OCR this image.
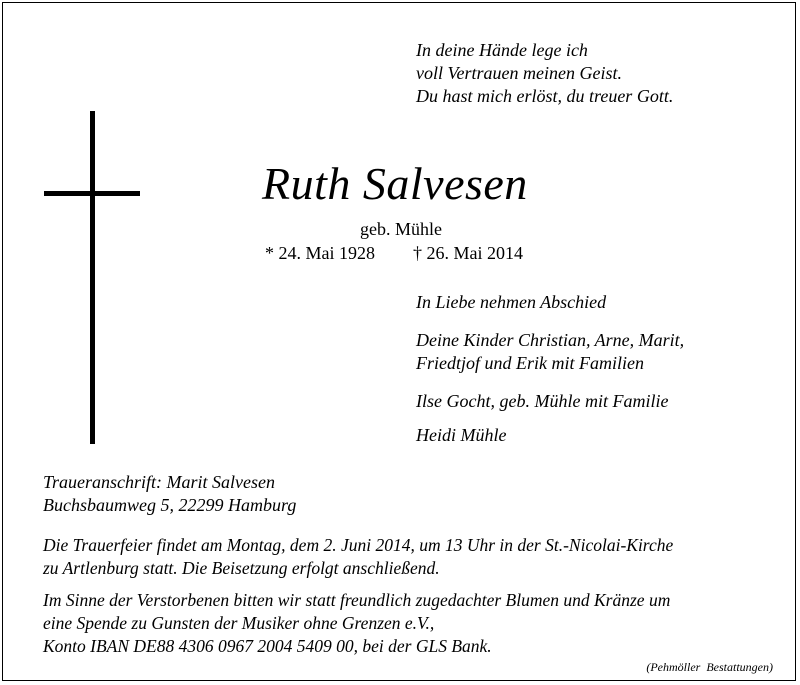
In deine Hände lege ich
voll Vertrauen meinen Geist.
Du hast mich erlöst, du treuer Gott.
Ruth Salvesen
geb. Mühle
* 24. Mai 1928 † 26. Mai 2014
In Liebe nehmen Abschied
Deine Kinder Christian, Arne, Marit,
Friedtjof und Erik mit Familien
Ilse Gocht, geb. Mühle mit Familie
Heidi Mühle
Traueranschrift: Marit Salvesen
Buchsbaumweg 5, 22299 Hamburg
Die Trauerfeier findet am Montag, dem 2. Juni 2014, um 13 Uhr in der St.-Nicolai-Kirche
zu Artlenburg statt. Die Beisetzung erfolgt anschließend.
Im Sinne der Verstorbenen bitten wir statt freundlich zugedachter Blumen und Kränze um
eine Spende zu Gunsten der Musiker ohne Grenzen e.V.,
Konto IBAN DE88 4306 0967 2004 5409 00, bei der GLS Bank.
(Pehmöller Bestattungen)
